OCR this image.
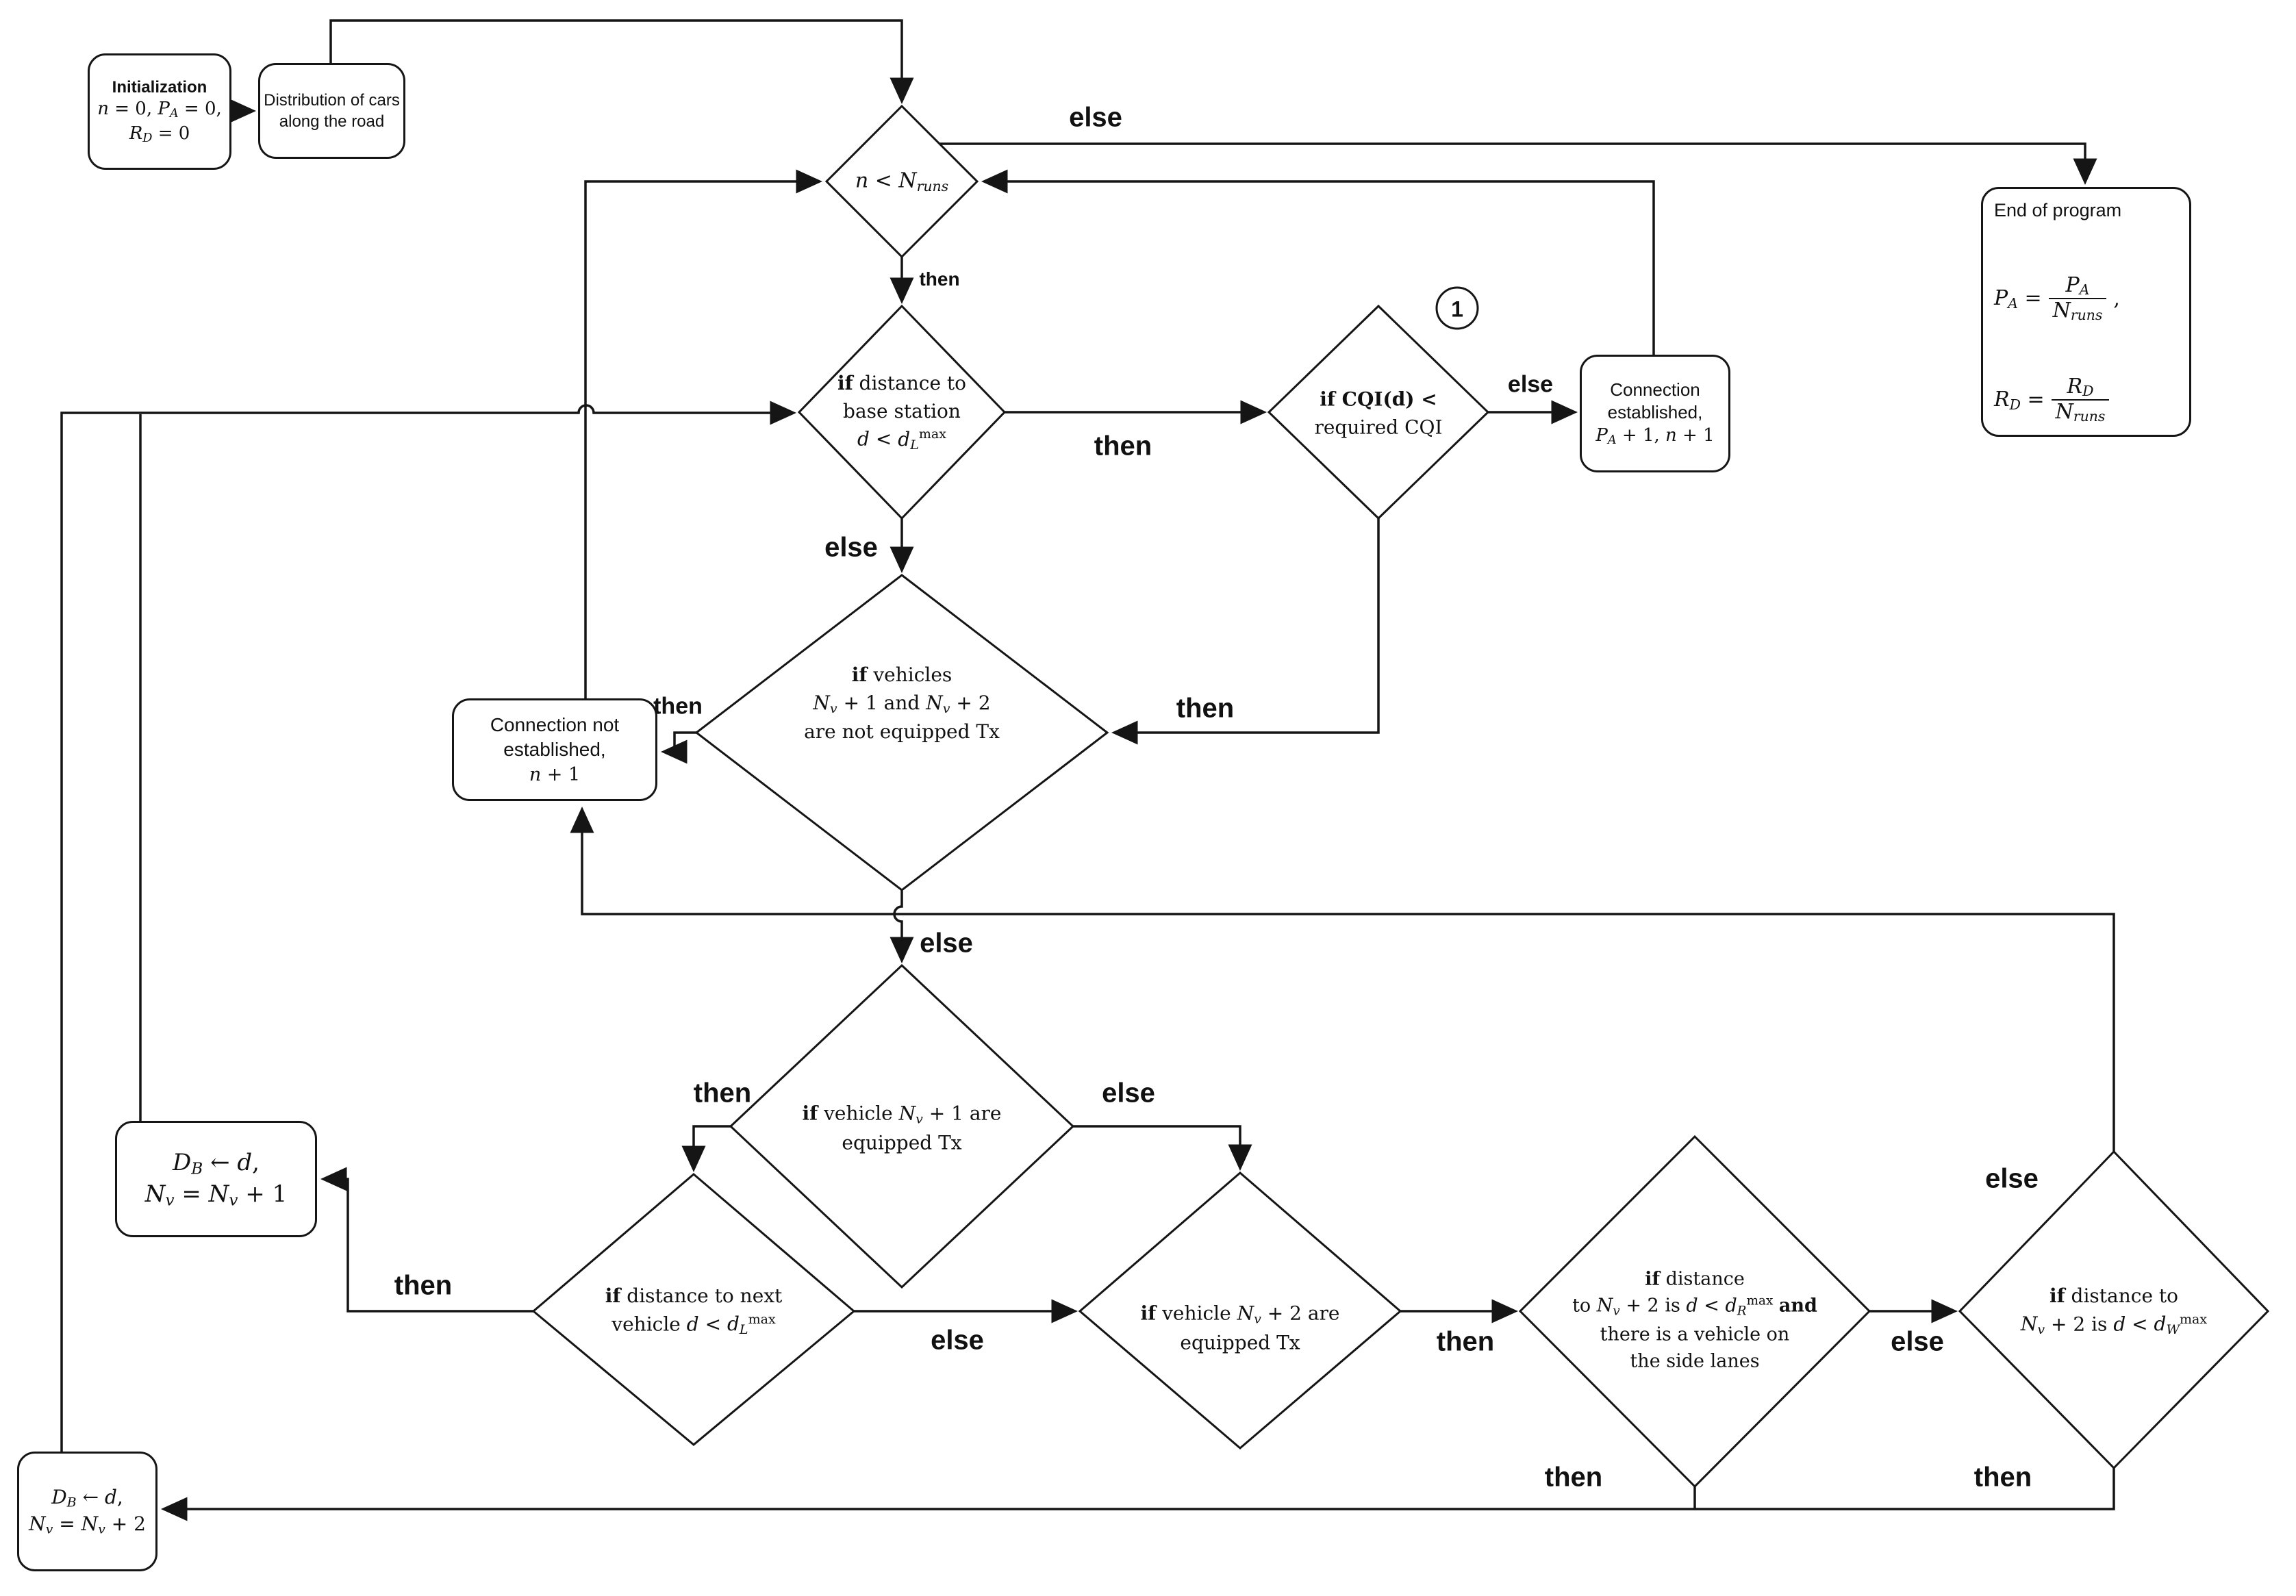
Initialization
n = 0, $P_A = 0$,
$R_D = 0$
Distribution of cars
along the road
End of program
$P_A = \frac{P_A}{N_{runs}}$ ,
$R_D = \frac{R_D}{N_{runs}}$
Connection
established,
$P_A + 1$, n + 1
Connection not
established,
n + 1
$D_B$ ← d,
$N_v = N_v + 1$
$D_B$ ← d,
$N_v = N_v + 2$
$n < N_{runs}$
if distance to
base station
$d < d_L^{max}$
if CQI(d) <
required CQI
1
if vehicles
$N_v + 1$ and $N_v + 2$
are not equipped Tx
if vehicle $N_v + 1$ are
equipped Tx
if distance to next
vehicle $d < d_L^{max}$	if vehicle $N_v + 2$ are
equipped Tx
if distance
to $N_v + 2$ is $d < d_R^{max}$ and
there is a vehicle on
the side lanes
if distance to
$N_v + 2$ is $d < d_W^{max}$
else
then
then
else
else
then
then
else
then	else
then
else	then	else
then
else
then
